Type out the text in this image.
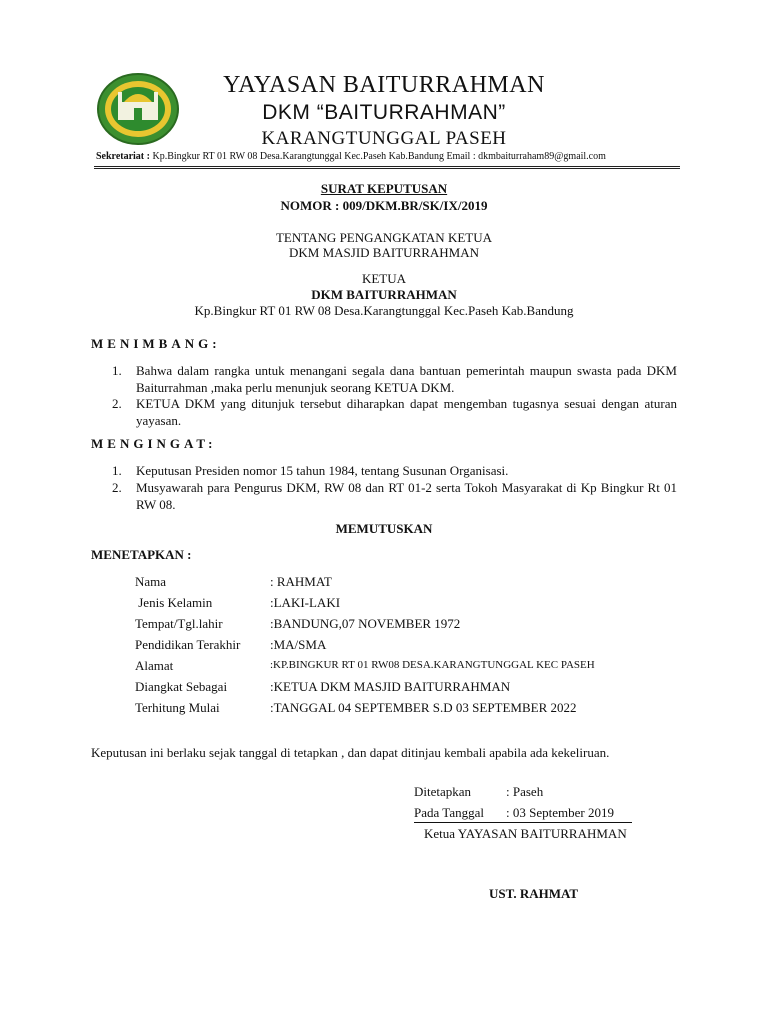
YAYASAN BAITURRAHMAN
DKM “BAITURRAHMAN”
KARANGTUNGGAL PASEH
Sekretariat : Kp.Bingkur RT 01 RW 08 Desa.Karangtunggal Kec.Paseh Kab.Bandung Email : dkmbaiturraham89@gmail.com
SURAT KEPUTUSAN
NOMOR : 009/DKM.BR/SK/IX/2019
TENTANG PENGANGKATAN KETUA
DKM MASJID BAITURRAHMAN
KETUA
DKM BAITURRAHMAN
Kp.Bingkur RT 01 RW 08 Desa.Karangtunggal Kec.Paseh Kab.Bandung
MENIMBANG:
1. Bahwa dalam rangka untuk menangani segala dana bantuan pemerintah maupun swasta pada DKM Baiturrahman ,maka perlu menunjuk seorang KETUA DKM.
2. KETUA DKM yang ditunjuk tersebut diharapkan dapat mengemban tugasnya sesuai dengan aturan yayasan.
MENGINGAT:
1. Keputusan Presiden nomor 15 tahun 1984, tentang Susunan Organisasi.
2. Musyawarah para Pengurus DKM, RW 08 dan RT 01-2 serta Tokoh Masyarakat di Kp Bingkur Rt 01 RW 08.
MEMUTUSKAN
MENETAPKAN :
Nama	: RAHMAT
Jenis Kelamin	:LAKI-LAKI
Tempat/Tgl.lahir	:BANDUNG,07 NOVEMBER 1972
Pendidikan Terakhir :MA/SMA
Alamat	:KP.BINGKUR RT 01 RW08 DESA.KARANGTUNGGAL KEC PASEH
Diangkat Sebagai	:KETUA DKM MASJID BAITURRAHMAN
Terhitung Mulai	:TANGGAL 04 SEPTEMBER S.D 03 SEPTEMBER 2022
Keputusan ini berlaku sejak tanggal di tetapkan , dan dapat ditinjau kembali apabila ada kekeliruan.
Ditetapkan	: Paseh
Pada Tanggal : 03 September 2019
Ketua YAYASAN BAITURRAHMAN
UST. RAHMAT
